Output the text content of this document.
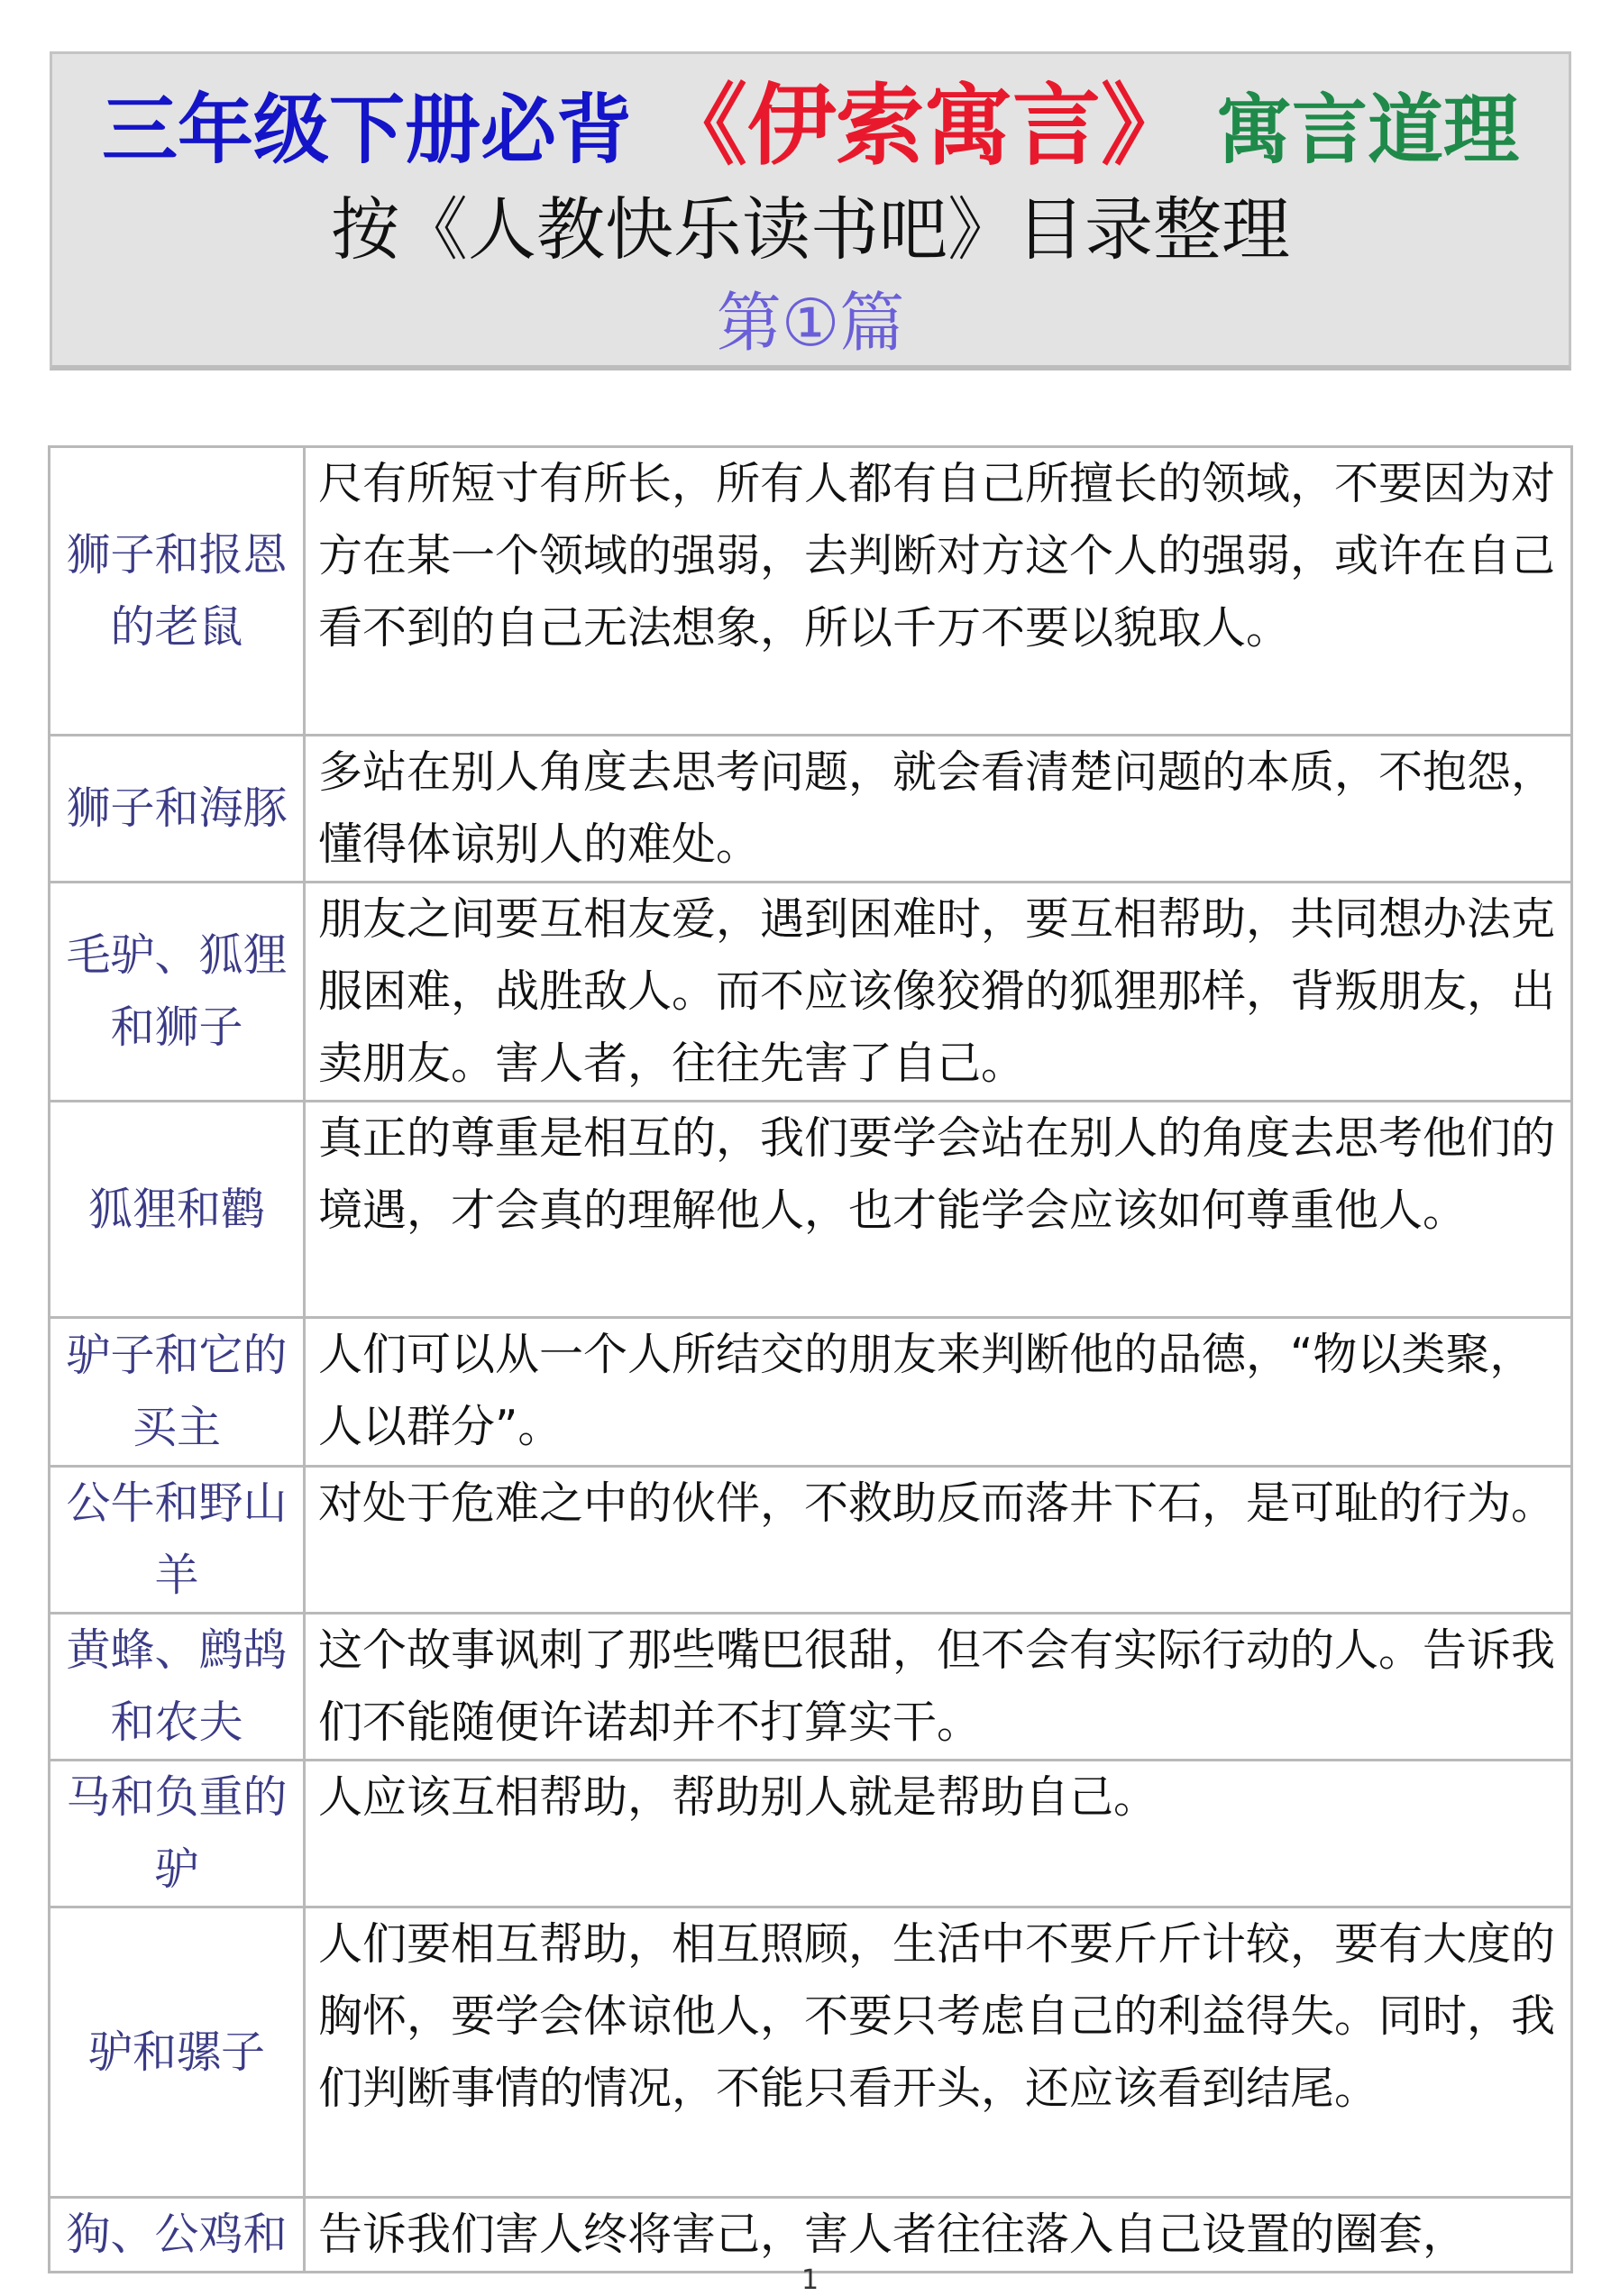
三年级下册必背 《伊索寓言》 寓言道理
按《人教快乐读书吧》目录整理
第①篇
狮子和报恩的老鼠	尺有所短寸有所长，所有人都有自己所擅长的领域，不要因为对方在某一个领域的强弱，去判断对方这个人的强弱，或许在自己看不到的自己无法想象，所以千万不要以貌取人。
狮子和海豚	多站在别人角度去思考问题，就会看清楚问题的本质，不抱怨，懂得体谅别人的难处。
毛驴、狐狸和狮子	朋友之间要互相友爱，遇到困难时，要互相帮助，共同想办法克服困难，战胜敌人。而不应该像狡猾的狐狸那样，背叛朋友，出卖朋友。害人者，往往先害了自己。
狐狸和鹳	真正的尊重是相互的，我们要学会站在别人的角度去思考他们的境遇，才会真的理解他人，也才能学会应该如何尊重他人。
驴子和它的买主	人们可以从一个人所结交的朋友来判断他的品德，“物以类聚，人以群分”。
公牛和野山羊	对处于危难之中的伙伴，不救助反而落井下石，是可耻的行为。
黄蜂、鹧鸪和农夫	这个故事讽刺了那些嘴巴很甜，但不会有实际行动的人。告诉我们不能随便许诺却并不打算实干。
马和负重的驴	人应该互相帮助，帮助别人就是帮助自己。
驴和骡子	人们要相互帮助，相互照顾，生活中不要斤斤计较，要有大度的胸怀，要学会体谅他人，不要只考虑自己的利益得失。同时，我们判断事情的情况，不能只看开头，还应该看到结尾。
狗、公鸡和	告诉我们害人终将害己，害人者往往落入自己设置的圈套，
1
